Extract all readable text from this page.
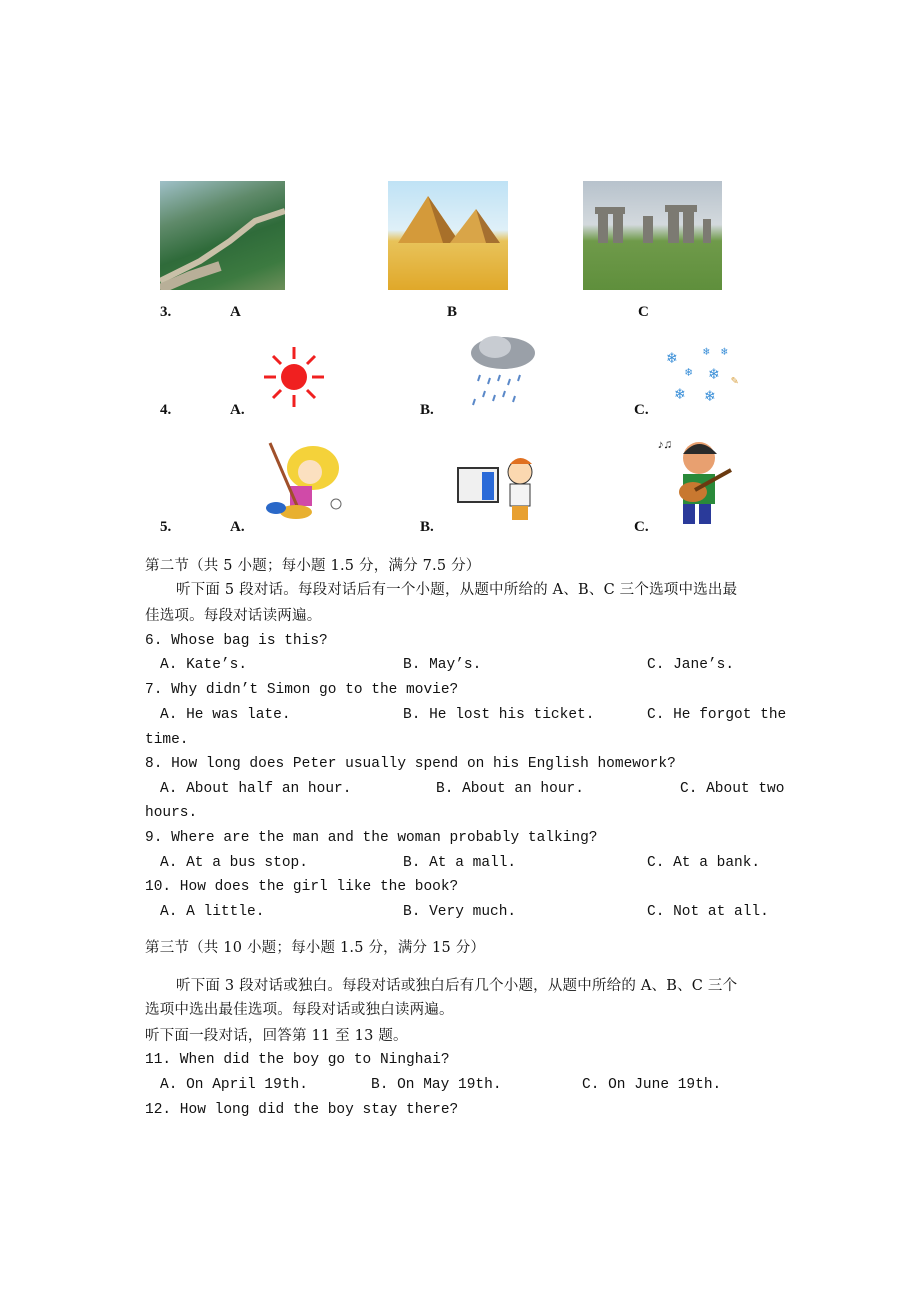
3.	A	B	C
❄ ❄ ❄
❄ ❄
❄ ❄
✎
4.	A.	B.	C.
♪♫
5.	A.	B.	C.
第二节（共 5 小题；每小题 1.5 分，满分 7.5 分）
听下面 5 段对话。每段对话后有一个小题，从题中所给的 A、B、C 三个选项中选出最
佳选项。每段对话读两遍。
6. Whose bag is this?
A. Kate’s.	B. May’s.	C. Jane’s.
7. Why didn’t Simon go to the movie?
A. He was late.	B. He lost his ticket.	C. He forgot the
time.
8. How long does Peter usually spend on his English homework?
A. About half an hour.	B. About an hour.	C. About two
hours.
9. Where are the man and the woman probably talking?
A. At a bus stop.	B. At a mall.	C. At a bank.
10. How does the girl like the book?
A. A little.	B. Very much.	C. Not at all.
第三节（共 10 小题；每小题 1.5 分，满分 15 分）
听下面 3 段对话或独白。每段对话或独白后有几个小题，从题中所给的 A、B、C 三个
选项中选出最佳选项。每段对话或独白读两遍。
听下面一段对话，回答第 11 至 13 题。
11. When did the boy go to Ninghai?
A. On April 19th.	B. On May 19th.	C. On June 19th.
12. How long did the boy stay there?
